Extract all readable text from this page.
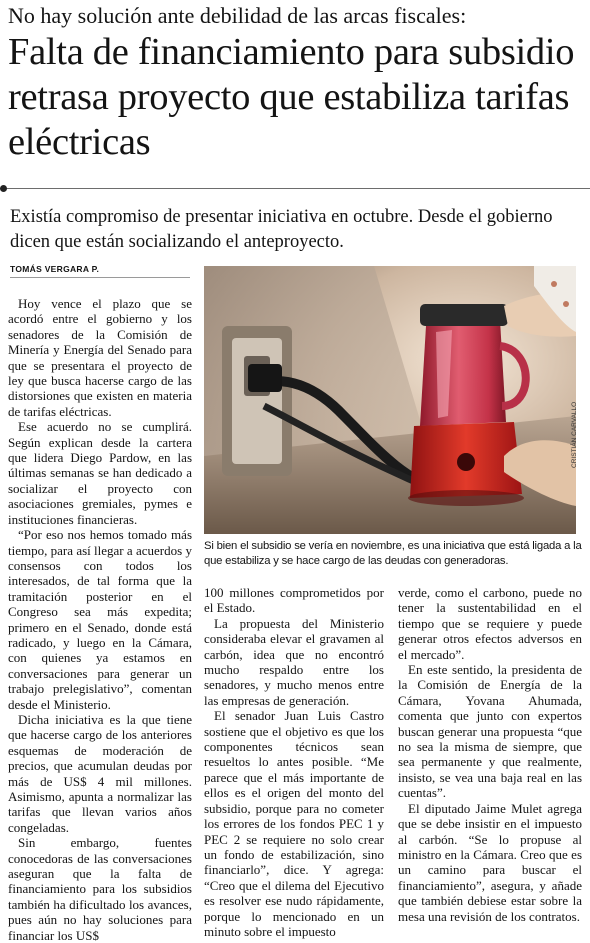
No hay solución ante debilidad de las arcas fiscales:
Falta de financiamiento para subsidio retrasa proyecto que estabiliza tarifas eléctricas

Existía compromiso de presentar iniciativa en octubre. Desde el gobierno dicen que están socializando el anteproyecto.

TOMÁS VERGARA P.

Hoy vence el plazo que se acordó entre el gobierno y los senadores de la Comisión de Minería y Energía del Senado para que se presentara el proyecto de ley que busca hacerse cargo de las distorsiones que existen en materia de tarifas eléctricas.

Ese acuerdo no se cumplirá. Según explican desde la cartera que lidera Diego Pardow, en las últimas semanas se han dedicado a socializar el proyecto con asociaciones gremiales, pymes e instituciones financieras.

“Por eso nos hemos tomado más tiempo, para así llegar a acuerdos y consensos con todos los interesados, de tal forma que la tramitación posterior en el Congreso sea más expedita; primero en el Senado, donde está radicado, y luego en la Cámara, con quienes ya estamos en conversaciones para generar un trabajo prelegislativo”, comentan desde el Ministerio.

Dicha iniciativa es la que tiene que hacerse cargo de los anteriores esquemas de moderación de precios, que acumulan deudas por más de US$ 4 mil millones. Asimismo, apunta a normalizar las tarifas que llevan varios años congeladas.

Sin embargo, fuentes conocedoras de las conversaciones aseguran que la falta de financiamiento para los subsidios también ha dificultado los avances, pues aún no hay soluciones para financiar los US$

CRISTIÁN CARVALLO

Si bien el subsidio se vería en noviembre, es una iniciativa que está ligada a la que estabiliza y se hace cargo de las deudas con generadoras.

100 millones comprometidos por el Estado.

La propuesta del Ministerio consideraba elevar el gravamen al carbón, idea que no encontró mucho respaldo entre los senadores, y mucho menos entre las empresas de generación.

El senador Juan Luis Castro sostiene que el objetivo es que los componentes técnicos sean resueltos lo antes posible. “Me parece que el más importante de ellos es el origen del monto del subsidio, porque para no cometer los errores de los fondos PEC 1 y PEC 2 se requiere no solo crear un fondo de estabilización, sino financiarlo”, dice. Y agrega: “Creo que el dilema del Ejecutivo es resolver ese nudo rápidamente, porque lo mencionado en un minuto sobre el impuesto

verde, como el carbono, puede no tener la sustentabilidad en el tiempo que se requiere y puede generar otros efectos adversos en el mercado”.

En este sentido, la presidenta de la Comisión de Energía de la Cámara, Yovana Ahumada, comenta que junto con expertos buscan generar una propuesta “que no sea la misma de siempre, que sea permanente y que realmente, insisto, se vea una baja real en las cuentas”.

El diputado Jaime Mulet agrega que se debe insistir en el impuesto al carbón. “Se lo propuse al ministro en la Cámara. Creo que es un camino para buscar el financiamiento”, asegura, y añade que también debiese estar sobre la mesa una revisión de los contratos.
